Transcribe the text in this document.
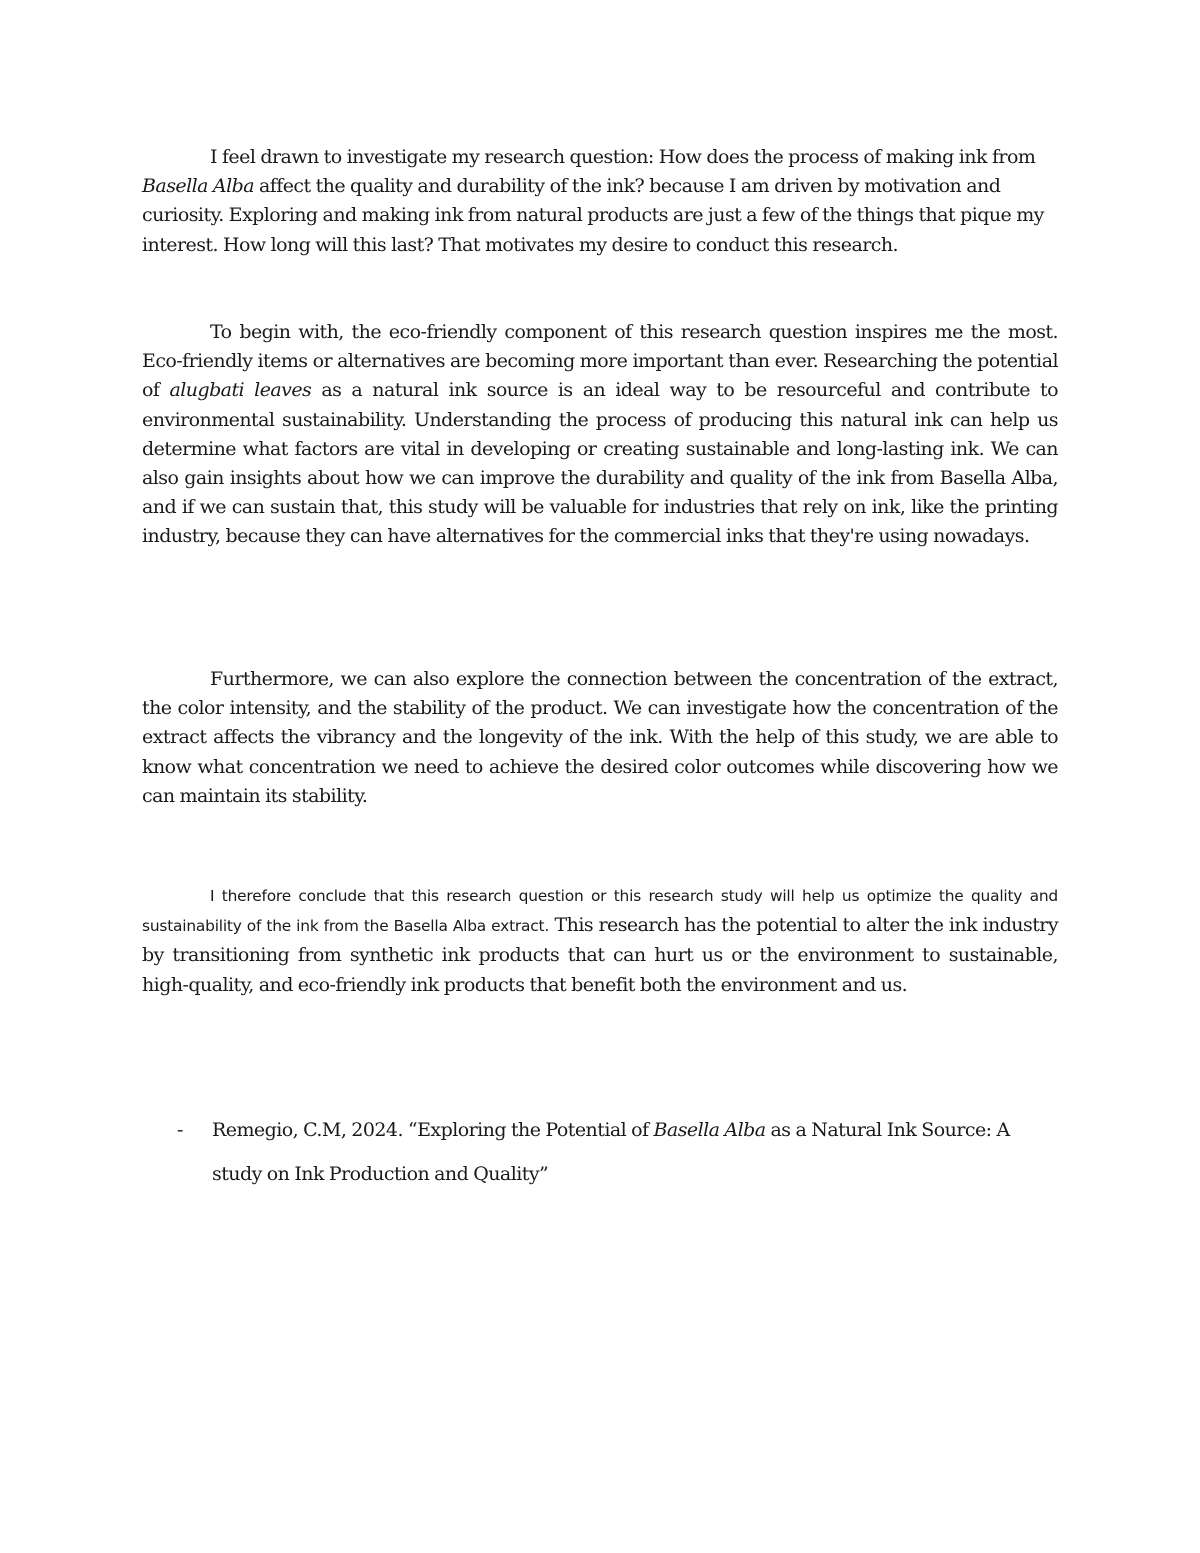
I feel drawn to investigate my research question: How does the process of making ink from Basella Alba affect the quality and durability of the ink? because I am driven by motivation and curiosity. Exploring and making ink from natural products are just a few of the things that pique my interest. How long will this last? That motivates my desire to conduct this research.

To begin with, the eco-friendly component of this research question inspires me the most. Eco-friendly items or alternatives are becoming more important than ever. Researching the potential of alugbati leaves as a natural ink source is an ideal way to be resourceful and contribute to environmental sustainability. Understanding the process of producing this natural ink can help us determine what factors are vital in developing or creating sustainable and long-lasting ink. We can also gain insights about how we can improve the durability and quality of the ink from Basella Alba, and if we can sustain that, this study will be valuable for industries that rely on ink, like the printing industry, because they can have alternatives for the commercial inks that they're using nowadays.

Furthermore, we can also explore the connection between the concentration of the extract, the color intensity, and the stability of the product. We can investigate how the concentration of the extract affects the vibrancy and the longevity of the ink. With the help of this study, we are able to know what concentration we need to achieve the desired color outcomes while discovering how we can maintain its stability.

I therefore conclude that this research question or this research study will help us optimize the quality and sustainability of the ink from the Basella Alba extract. This research has the potential to alter the ink industry by transitioning from synthetic ink products that can hurt us or the environment to sustainable, high-quality, and eco-friendly ink products that benefit both the environment and us.

- Remegio, C.M, 2024. “Exploring the Potential of Basella Alba as a Natural Ink Source: A study on Ink Production and Quality”
